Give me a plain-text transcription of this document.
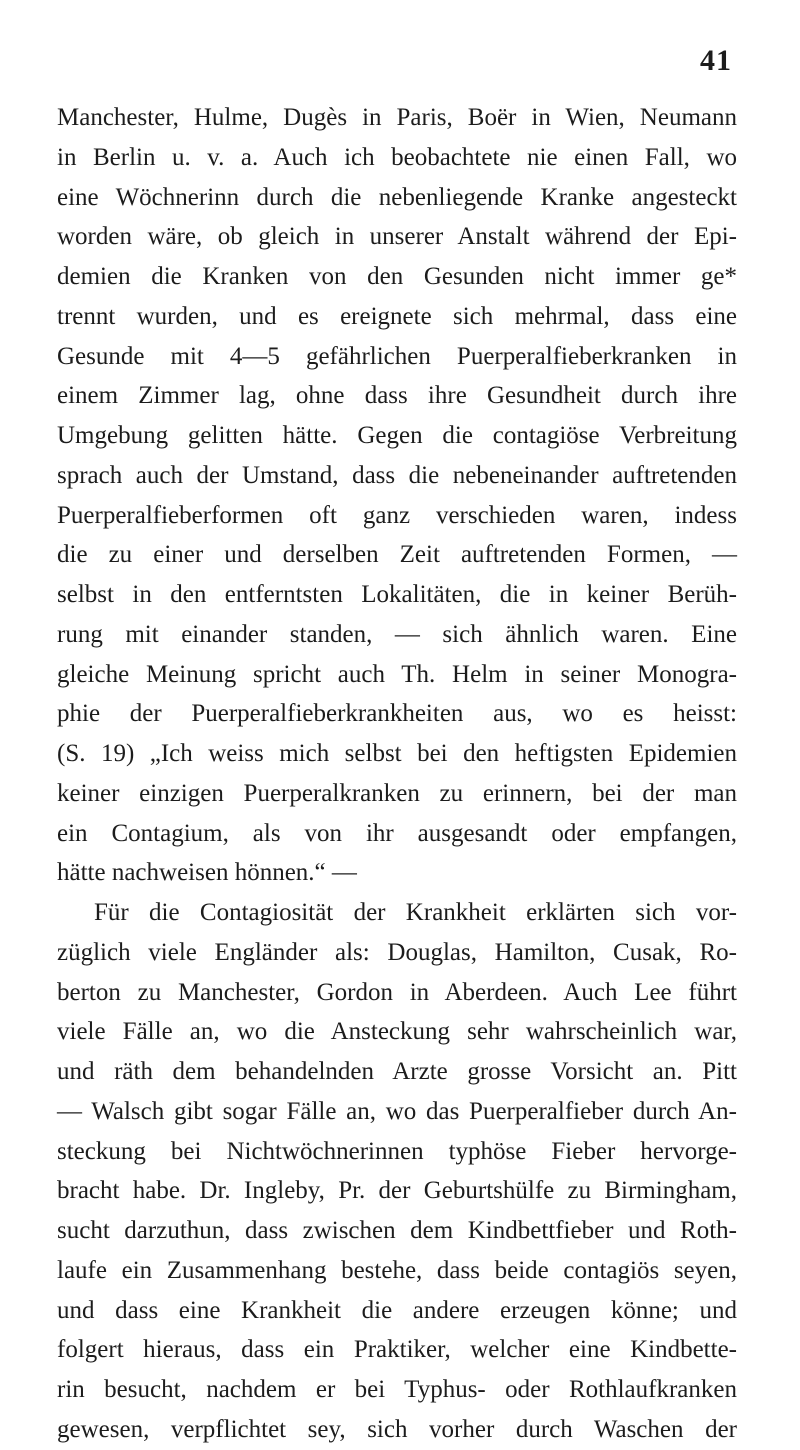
41
Manchester, Hulme, Dugès in Paris, Boër in Wien, Neumann
in Berlin u. v. a. Auch ich beobachtete nie einen Fall, wo
eine Wöchnerinn durch die nebenliegende Kranke angesteckt
worden wäre, ob gleich in unserer Anstalt während der Epi-
demien die Kranken von den Gesunden nicht immer ge*
trennt wurden, und es ereignete sich mehrmal, dass eine
Gesunde mit 4—5 gefährlichen Puerperalfieberkranken in
einem Zimmer lag, ohne dass ihre Gesundheit durch ihre
Umgebung gelitten hätte. Gegen die contagiöse Verbreitung
sprach auch der Umstand, dass die nebeneinander auftretenden
Puerperalfieberformen oft ganz verschieden waren, indess
die zu einer und derselben Zeit auftretenden Formen, —
selbst in den entferntsten Lokalitäten, die in keiner Berüh-
rung mit einander standen, — sich ähnlich waren. Eine
gleiche Meinung spricht auch Th. Helm in seiner Monogra-
phie der Puerperalfieberkrankheiten aus, wo es heisst:
(S. 19) „Ich weiss mich selbst bei den heftigsten Epidemien
keiner einzigen Puerperalkranken zu erinnern, bei der man
ein Contagium, als von ihr ausgesandt oder empfangen,
hätte nachweisen hönnen.“ —
Für die Contagiosität der Krankheit erklärten sich vor-
züglich viele Engländer als: Douglas, Hamilton, Cusak, Ro-
berton zu Manchester, Gordon in Aberdeen. Auch Lee führt
viele Fälle an, wo die Ansteckung sehr wahrscheinlich war,
und räth dem behandelnden Arzte grosse Vorsicht an. Pitt
— Walsch gibt sogar Fälle an, wo das Puerperalfieber durch An-
steckung bei Nichtwöchnerinnen typhöse Fieber hervorge-
bracht habe. Dr. Ingleby, Pr. der Geburtshülfe zu Birmingham,
sucht darzuthun, dass zwischen dem Kindbettfieber und Roth-
laufe ein Zusammenhang bestehe, dass beide contagiös seyen,
und dass eine Krankheit die andere erzeugen könne; und
folgert hieraus, dass ein Praktiker, welcher eine Kindbette-
rin besucht, nachdem er bei Typhus- oder Rothlaufkranken
gewesen, verpflichtet sey, sich vorher durch Waschen der
